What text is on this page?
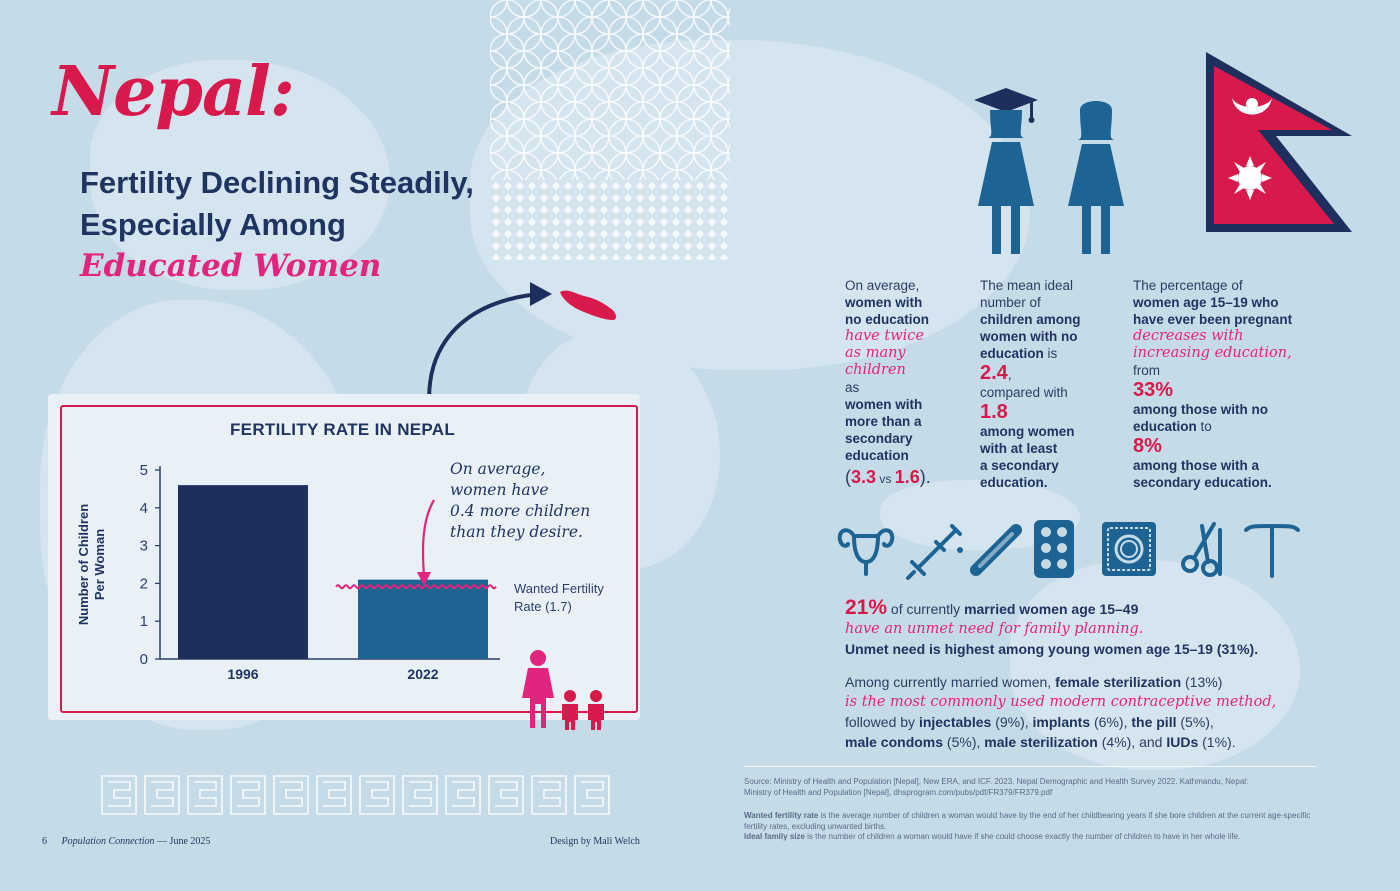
Nepal:
Fertility Declining Steadily,
Especially Among
Educated Women
FERTILITY RATE IN NEPAL
Number of ChildrenPer Woman
0
1
2
3
4
5
1996	2022
On average,
women have
0.4 more children
than they desire.
Wanted Fertility Rate (1.7)
On average,
women with
no education
have twice
as many
children
as
women with
more than a
secondary
education
(3.3 vs 1.6).
The mean ideal
number of
children among
women with no
education is
2.4,
compared with
1.8
among women
with at least
a secondary
education.
The percentage of
women age 15–19 who
have ever been pregnant
decreases with
increasing education,
from
33%
among those with no
education to
8%
among those with a
secondary education.
21% of currently married women age 15–49
have an unmet need for family planning.
Unmet need is highest among young women age 15–19 (31%).
Among currently married women, female sterilization (13%)
is the most commonly used modern contraceptive method,
followed by injectables (9%), implants (6%), the pill (5%),
male condoms (5%), male sterilization (4%), and IUDs (1%).
Source: Ministry of Health and Population [Nepal], New ERA, and ICF. 2023. Nepal Demographic and Health Survey 2022. Kathmandu, Nepal:
Ministry of Health and Population [Nepal], dhsprogram.com/pubs/pdf/FR379/FR379.pdf
Wanted fertility rate is the average number of children a woman would have by the end of her childbearing years if she bore children at the current age-specific fertility rates, excluding unwanted births.
Ideal family size is the number of children a woman would have if she could choose exactly the number of children to have in her whole life.
6 Population Connection — June 2025	Design by Mali Welch
